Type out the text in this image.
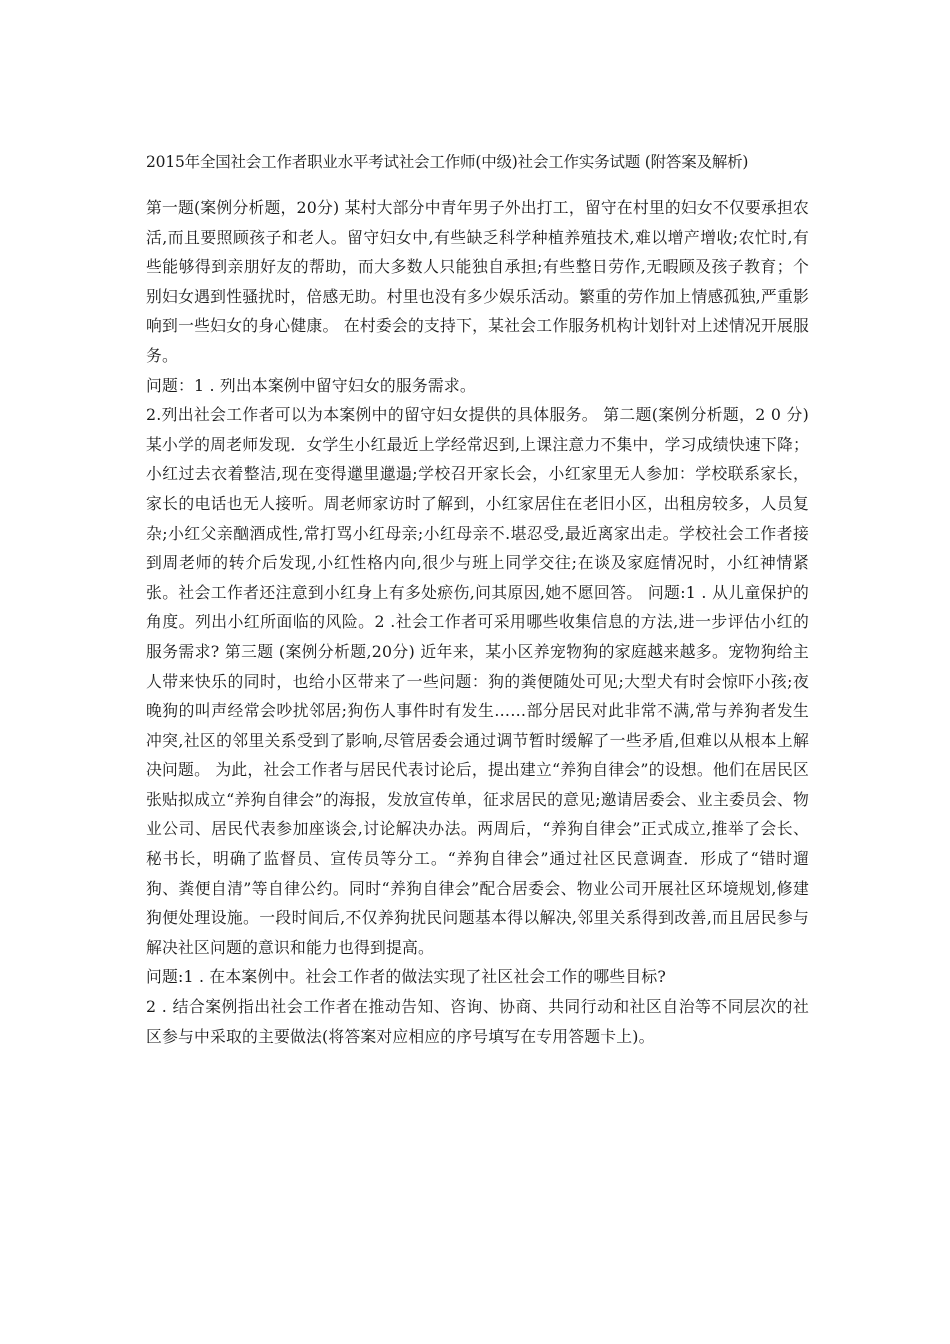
2015年全国社会工作者职业水平考试社会工作师(中级)社会工作实务试题 (附答案及解析)

第一题(案例分析题，20分) 某村大部分中青年男子外出打工，留守在村里的妇女不仅要承担农活,而且要照顾孩子和老人。留守妇女中,有些缺乏科学种植养殖技术,难以增产增收;农忙时,有些能够得到亲朋好友的帮助，而大多数人只能独自承担;有些整日劳作,无暇顾及孩子教育；个别妇女遇到性骚扰时，倍感无助。村里也没有多少娱乐活动。繁重的劳作加上情感孤独,严重影响到一些妇女的身心健康。 在村委会的支持下，某社会工作服务机构计划针对上述情况开展服务。

问题：1 . 列出本案例中留守妇女的服务需求。

2.列出社会工作者可以为本案例中的留守妇女提供的具体服务。 第二题(案例分析题，2 0 分) 某小学的周老师发现．女学生小红最近上学经常迟到,上课注意力不集中，学习成绩快速下降；小红过去衣着整洁,现在变得邋里邋遢;学校召开家长会，小红家里无人参加：学校联系家长，家长的电话也无人接听。周老师家访时了解到，小红家居住在老旧小区，出租房较多，人员复杂;小红父亲酗酒成性,常打骂小红母亲;小红母亲不.堪忍受,最近离家出走。学校社会工作者接到周老师的转介后发现,小红性格内向,很少与班上同学交往;在谈及家庭情况时，小红神情紧张。社会工作者还注意到小红身上有多处瘀伤,问其原因,她不愿回答。 问题:1 . 从儿童保护的角度。列出小红所面临的风险。2 .社会工作者可采用哪些收集信息的方法,进一步评估小红的服务需求? 第三题 (案例分析题,20分) 近年来，某小区养宠物狗的家庭越来越多。宠物狗给主人带来快乐的同时，也给小区带来了一些问题：狗的粪便随处可见;大型犬有时会惊吓小孩;夜晚狗的叫声经常会吵扰邻居;狗伤人事件时有发生……部分居民对此非常不满,常与养狗者发生冲突,社区的邻里关系受到了影响,尽管居委会通过调节暂时缓解了一些矛盾,但难以从根本上解决问题。 为此，社会工作者与居民代表讨论后，提出建立“养狗自律会”的设想。他们在居民区张贴拟成立“养狗自律会”的海报，发放宣传单，征求居民的意见;邀请居委会、业主委员会、物业公司、居民代表参加座谈会,讨论解决办法。两周后，“养狗自律会”正式成立,推举了会长、秘书长，明确了监督员、宣传员等分工。“养狗自律会”通过社区民意调查．形成了“错时遛狗、粪便自清”等自律公约。同时“养狗自律会”配合居委会、物业公司开展社区环境规划,修建狗便处理设施。一段时间后,不仅养狗扰民问题基本得以解决,邻里关系得到改善,而且居民参与解决社区问题的意识和能力也得到提高。

问题:1 . 在本案例中。社会工作者的做法实现了社区社会工作的哪些目标?

2 . 结合案例指出社会工作者在推动告知、咨询、协商、共同行动和社区自治等不同层次的社区参与中采取的主要做法(将答案对应相应的序号填写在专用答题卡上)。
